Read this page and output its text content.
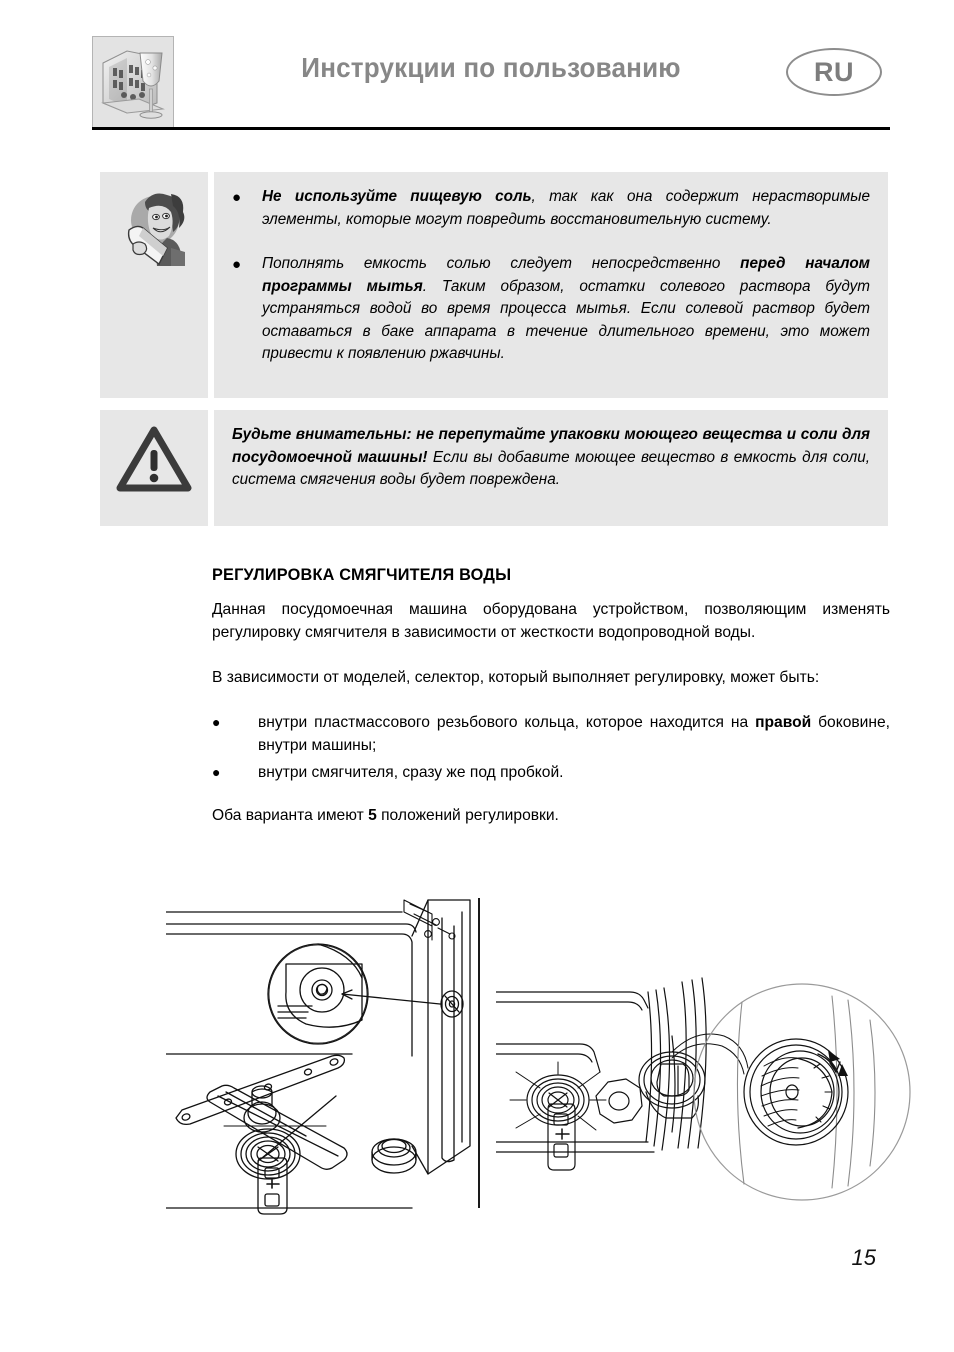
Инструкции по пользованию	RU
●	Не используйте пищевую соль, так как она содержит нерастворимые элементы, которые могут повредить восстановительную систему.
●	Пополнять емкость солью следует непосредственно перед началом программы мытья. Таким образом, остатки солевого раствора будут устраняться водой во время процесса мытья. Если солевой раствор будет оставаться в баке аппарата в течение длительного времени, это может привести к появлению ржавчины.
Будьте внимательны: не перепутайте упаковки моющего вещества и соли для посудомоечной машины! Если вы добавите моющее вещество в емкость для соли, система смягчения воды будет повреждена.
РЕГУЛИРОВКА СМЯГЧИТЕЛЯ ВОДЫ

Данная посудомоечная машина оборудована устройством, позволяющим изменять регулировку смягчителя в зависимости от жесткости водопроводной воды.

В зависимости от моделей, селектор, который выполняет регулировку, может быть:

●	внутри пластмассового резьбового кольца, которое находится на правой боковине, внутри машины;
●	внутри смягчителя, сразу же под пробкой.

Оба варианта имеют 5 положений регулировки.

15
